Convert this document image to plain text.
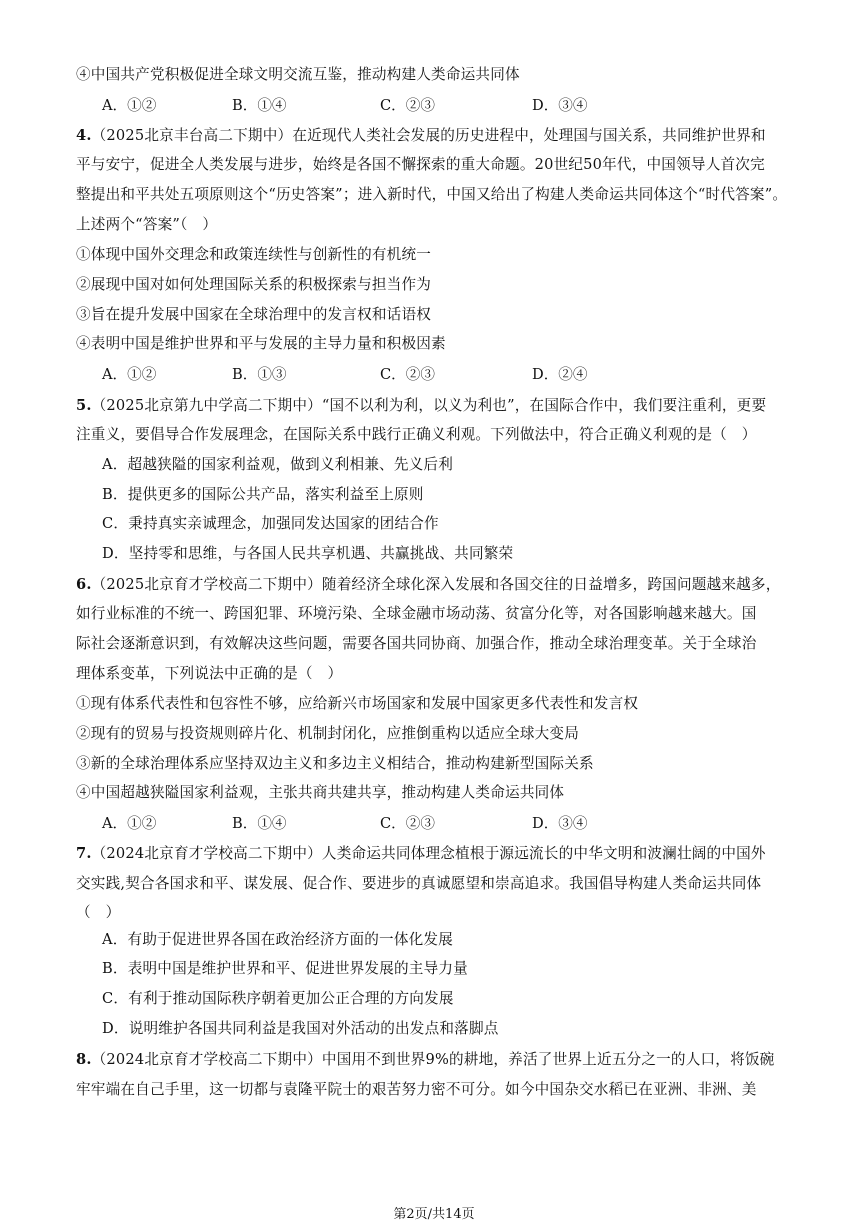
④中国共产党积极促进全球文明交流互鉴，推动构建人类命运共同体
A．①②	B．①④	C．②③	D．③④
4.（2025北京丰台高二下期中）在近现代人类社会发展的历史进程中，处理国与国关系，共同维护世界和
平与安宁，促进全人类发展与进步，始终是各国不懈探索的重大命题。20世纪50年代，中国领导人首次完
整提出和平共处五项原则这个“历史答案”；进入新时代，中国又给出了构建人类命运共同体这个“时代答案”。
上述两个“答案”（　）
①体现中国外交理念和政策连续性与创新性的有机统一
②展现中国对如何处理国际关系的积极探索与担当作为
③旨在提升发展中国家在全球治理中的发言权和话语权
④表明中国是维护世界和平与发展的主导力量和积极因素
A．①②	B．①③	C．②③	D．②④
5.（2025北京第九中学高二下期中）“国不以利为利，以义为利也”，在国际合作中，我们要注重利，更要
注重义，要倡导合作发展理念，在国际关系中践行正确义利观。下列做法中，符合正确义利观的是（　）
A．超越狭隘的国家利益观，做到义利相兼、先义后利
B．提供更多的国际公共产品，落实利益至上原则
C．秉持真实亲诚理念，加强同发达国家的团结合作
D．坚持零和思维，与各国人民共享机遇、共赢挑战、共同繁荣
6.（2025北京育才学校高二下期中）随着经济全球化深入发展和各国交往的日益增多，跨国问题越来越多，
如行业标准的不统一、跨国犯罪、环境污染、全球金融市场动荡、贫富分化等，对各国影响越来越大。国
际社会逐渐意识到，有效解决这些问题，需要各国共同协商、加强合作，推动全球治理变革。关于全球治
理体系变革，下列说法中正确的是（　）
①现有体系代表性和包容性不够，应给新兴市场国家和发展中国家更多代表性和发言权
②现有的贸易与投资规则碎片化、机制封闭化，应推倒重构以适应全球大变局
③新的全球治理体系应坚持双边主义和多边主义相结合，推动构建新型国际关系
④中国超越狭隘国家利益观，主张共商共建共享，推动构建人类命运共同体
A．①②	B．①④	C．②③	D．③④
7.（2024北京育才学校高二下期中）人类命运共同体理念植根于源远流长的中华文明和波澜壮阔的中国外
交实践,契合各国求和平、谋发展、促合作、要进步的真诚愿望和崇高追求。我国倡导构建人类命运共同体
（　）
A．有助于促进世界各国在政治经济方面的一体化发展
B．表明中国是维护世界和平、促进世界发展的主导力量
C．有利于推动国际秩序朝着更加公正合理的方向发展
D．说明维护各国共同利益是我国对外活动的出发点和落脚点
8.（2024北京育才学校高二下期中）中国用不到世界9%的耕地，养活了世界上近五分之一的人口，将饭碗
牢牢端在自己手里，这一切都与袁隆平院士的艰苦努力密不可分。如今中国杂交水稻已在亚洲、非洲、美
第2页/共14页
